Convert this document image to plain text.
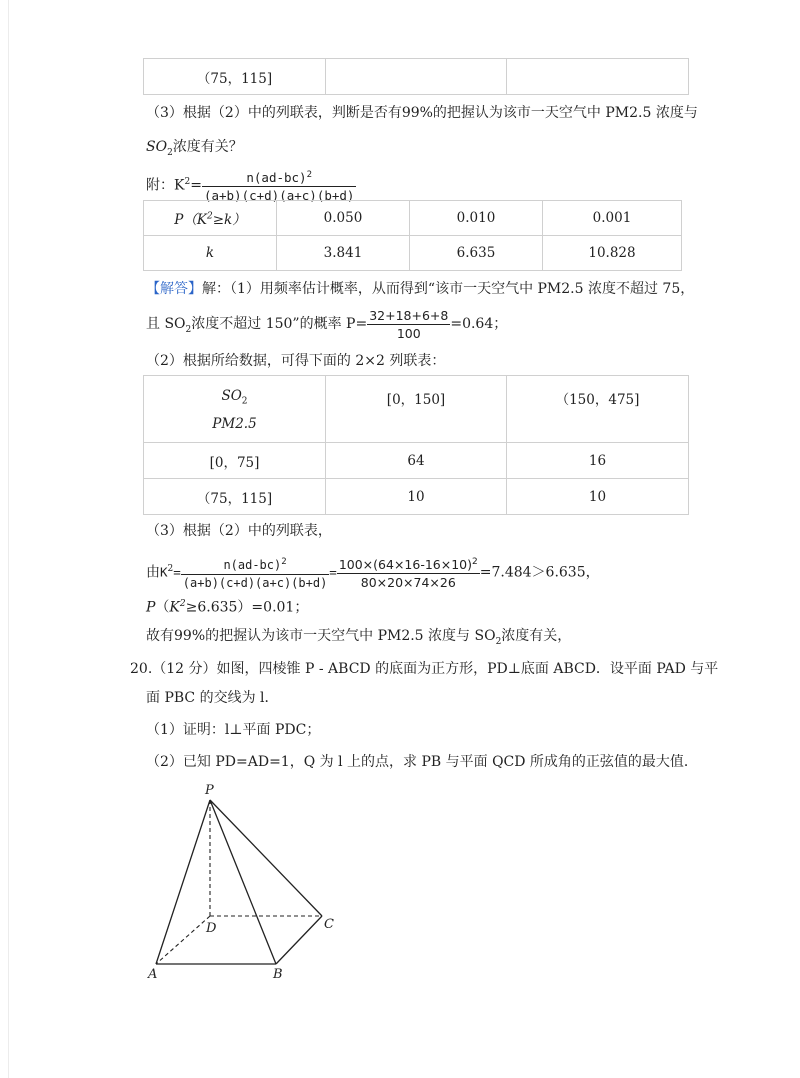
（75，115]		
（3）根据（2）中的列联表，判断是否有99%的把握认为该市一天空气中 PM2.5 浓度与
$SO_2$浓度有关？
附：$K^2= \frac{n(ad-bc)^2}{(a+b)(c+d)(a+c)(b+d)}$
$P(K^2\ge k)$	0.050	0.010	0.001
k	3.841	6.635	10.828
【解答】解：（1）用频率估计概率，从而得到“该市一天空气中 PM2.5 浓度不超过 75，
且 $SO_2$浓度不超过 150”的概率 $P= \frac{32+18+6+8}{100} =0.64$；
（2）根据所给数据，可得下面的 2×2 列联表：
$SO_2$
PM2.5	[0，150]	（150，475]
[0，75]	64	16
（75，115]	10	10
（3）根据（2）中的列联表，
由$K^2= \frac{n(ad-bc)^2}{(a+b)(c+d)(a+c)(b+d)} = \frac{100\times(64\times 16-16\times 10)^2}{80\times 20\times 74\times 26} =7.484>6.635$，
$P(K^2\ge 6.635)=0.01$；
故有99%的把握认为该市一天空气中 PM2.5 浓度与 $SO_2$浓度有关，
20.（12 分）如图，四棱锥 P - ABCD 的底面为正方形，PD⊥底面 ABCD．设平面 PAD 与平
面 PBC 的交线为 l．
（1）证明：l⊥平面 PDC；
（2）已知 PD=AD=1，Q 为 l 上的点，求 PB 与平面 QCD 所成角的正弦值的最大值．
P
D	C
A	B
